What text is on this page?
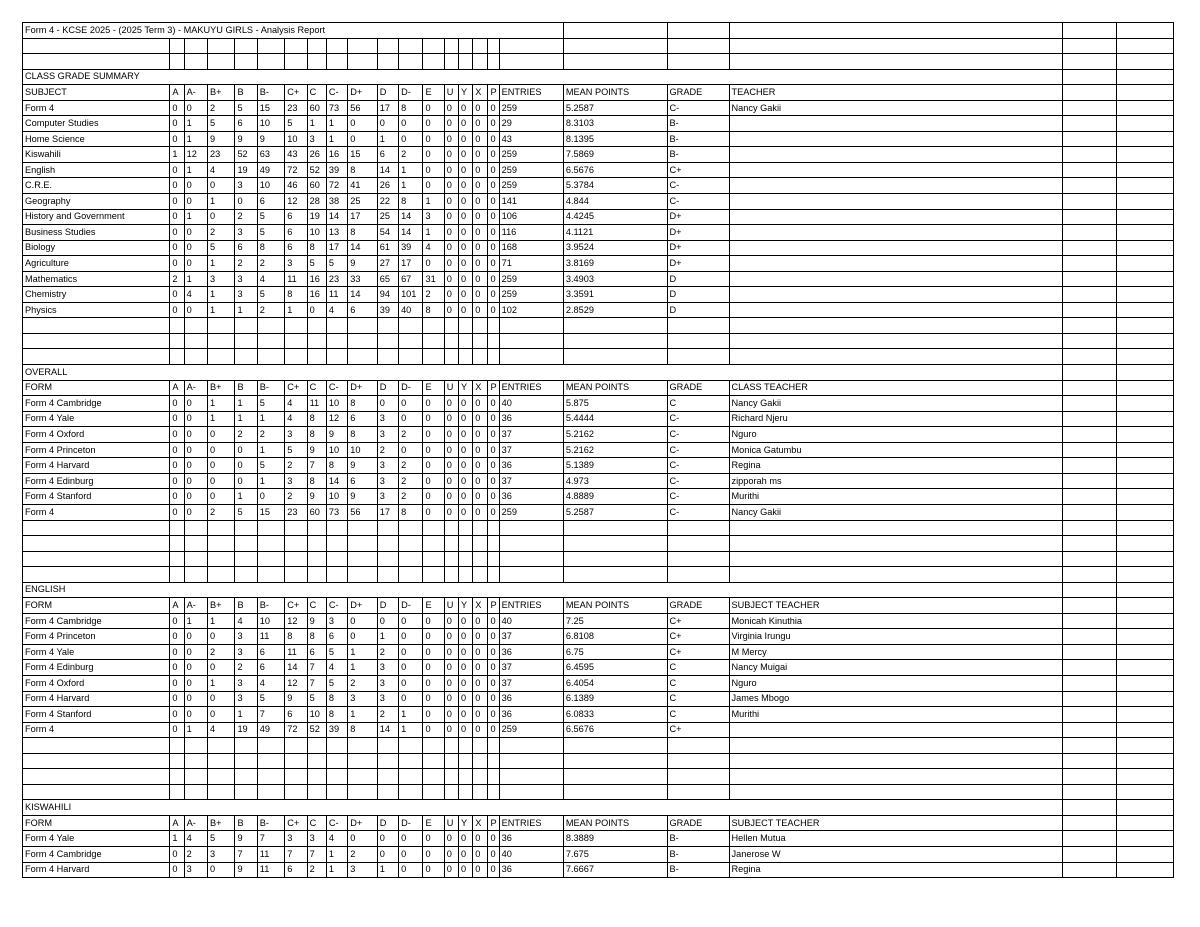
Form 4 - KCSE 2025 - (2025 Term 3) - MAKUYU GIRLS - Analysis Report																						

CLASS GRADE SUMMARY																						
SUBJECT	A	A-	B+	B	B-	C+	C	C-	D+	D	D-	E	U	Y	X	P	ENTRIES	MEAN POINTS	GRADE	TEACHER		
Form 4	0	0	2	5	15	23	60	73	56	17	8	0	0	0	0	0	259	5.2587	C-	Nancy Gakii		
Computer Studies	0	1	5	6	10	5	1	1	0	0	0	0	0	0	0	0	29	8.3103	B-			
Home Science	0	1	9	9	9	10	3	1	0	1	0	0	0	0	0	0	43	8.1395	B-			
Kiswahili	1	12	23	52	63	43	26	16	15	6	2	0	0	0	0	0	259	7.5869	B-			
English	0	1	4	19	49	72	52	39	8	14	1	0	0	0	0	0	259	6.5676	C+			
C.R.E.	0	0	0	3	10	46	60	72	41	26	1	0	0	0	0	0	259	5.3784	C-			
Geography	0	0	1	0	6	12	28	38	25	22	8	1	0	0	0	0	141	4.844	C-			
History and Government	0	1	0	2	5	6	19	14	17	25	14	3	0	0	0	0	106	4.4245	D+			
Business Studies	0	0	2	3	5	6	10	13	8	54	14	1	0	0	0	0	116	4.1121	D+			
Biology	0	0	5	6	8	6	8	17	14	61	39	4	0	0	0	0	168	3.9524	D+			
Agriculture	0	0	1	2	2	3	5	5	9	27	17	0	0	0	0	0	71	3.8169	D+			
Mathematics	2	1	3	3	4	11	16	23	33	65	67	31	0	0	0	0	259	3.4903	D			
Chemistry	0	4	1	3	5	8	16	11	14	94	101	2	0	0	0	0	259	3.3591	D			
Physics	0	0	1	1	2	1	0	4	6	39	40	8	0	0	0	0	102	2.8529	D			

OVERALL																						
FORM	A	A-	B+	B	B-	C+	C	C-	D+	D	D-	E	U	Y	X	P	ENTRIES	MEAN POINTS	GRADE	CLASS TEACHER		
Form 4 Cambridge	0	0	1	1	5	4	11	10	8	0	0	0	0	0	0	0	40	5.875	C	Nancy Gakii		
Form 4 Yale	0	0	1	1	1	4	8	12	6	3	0	0	0	0	0	0	36	5.4444	C-	Richard Njeru		
Form 4 Oxford	0	0	0	2	2	3	8	9	8	3	2	0	0	0	0	0	37	5.2162	C-	Nguro		
Form 4 Princeton	0	0	0	0	1	5	9	10	10	2	0	0	0	0	0	0	37	5.2162	C-	Monica Gatumbu		
Form 4 Harvard	0	0	0	0	5	2	7	8	9	3	2	0	0	0	0	0	36	5.1389	C-	Regina		
Form 4 Edinburg	0	0	0	0	1	3	8	14	6	3	2	0	0	0	0	0	37	4.973	C-	zipporah ms		
Form 4 Stanford	0	0	0	1	0	2	9	10	9	3	2	0	0	0	0	0	36	4.8889	C-	Murithi		
Form 4	0	0	2	5	15	23	60	73	56	17	8	0	0	0	0	0	259	5.2587	C-	Nancy Gakii		

ENGLISH																						
FORM	A	A-	B+	B	B-	C+	C	C-	D+	D	D-	E	U	Y	X	P	ENTRIES	MEAN POINTS	GRADE	SUBJECT TEACHER		
Form 4 Cambridge	0	1	1	4	10	12	9	3	0	0	0	0	0	0	0	0	40	7.25	C+	Monicah Kinuthia		
Form 4 Princeton	0	0	0	3	11	8	8	6	0	1	0	0	0	0	0	0	37	6.8108	C+	Virginia Irungu		
Form 4 Yale	0	0	2	3	6	11	6	5	1	2	0	0	0	0	0	0	36	6.75	C+	M Mercy		
Form 4 Edinburg	0	0	0	2	6	14	7	4	1	3	0	0	0	0	0	0	37	6.4595	C	Nancy Muigai		
Form 4 Oxford	0	0	1	3	4	12	7	5	2	3	0	0	0	0	0	0	37	6.4054	C	Nguro		
Form 4 Harvard	0	0	0	3	5	9	5	8	3	3	0	0	0	0	0	0	36	6.1389	C	James Mbogo		
Form 4 Stanford	0	0	0	1	7	6	10	8	1	2	1	0	0	0	0	0	36	6.0833	C	Murithi		
Form 4	0	1	4	19	49	72	52	39	8	14	1	0	0	0	0	0	259	6.5676	C+			

KISWAHILI																						
FORM	A	A-	B+	B	B-	C+	C	C-	D+	D	D-	E	U	Y	X	P	ENTRIES	MEAN POINTS	GRADE	SUBJECT TEACHER		
Form 4 Yale	1	4	5	9	7	3	3	4	0	0	0	0	0	0	0	0	36	8.3889	B-	Hellen Mutua		
Form 4 Cambridge	0	2	3	7	11	7	7	1	2	0	0	0	0	0	0	0	40	7.675	B-	Janerose W		
Form 4 Harvard	0	3	0	9	11	6	2	1	3	1	0	0	0	0	0	0	36	7.6667	B-	Regina		
